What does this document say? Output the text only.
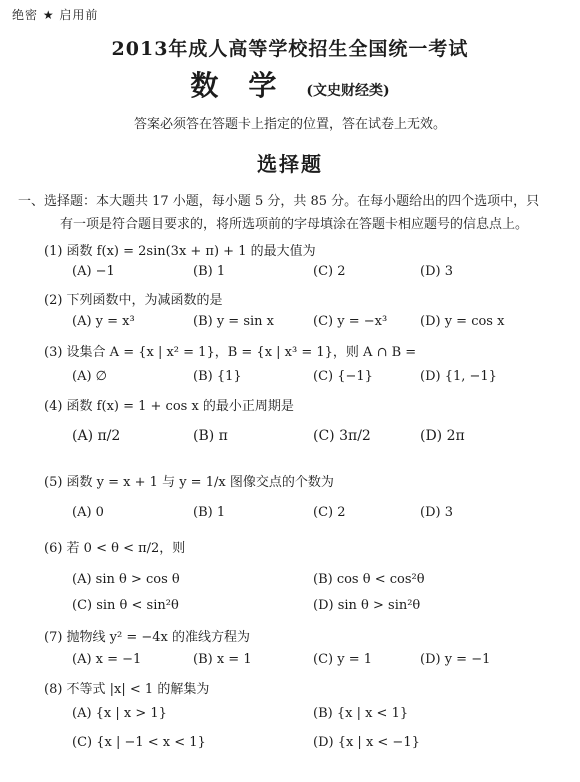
绝密 ★ 启用前
2013年成人高等学校招生全国统一考试
数学(文史财经类)
答案必须答在答题卡上指定的位置，答在试卷上无效。
选择题
一、选择题：本大题共 17 小题，每小题 5 分，共 85 分。在每小题给出的四个选项中，只
有一项是符合题目要求的，将所选项前的字母填涂在答题卡相应题号的信息点上。
(1) 函数 f(x) = 2sin(3x + π) + 1 的最大值为
(A) −1	(B) 1	(C) 2	(D) 3
(2) 下列函数中，为减函数的是
(A) y = x³	(B) y = sin x	(C) y = −x³	(D) y = cos x
(3) 设集合 A = {x | x² = 1}，B = {x | x³ = 1}，则 A ∩ B =
(A) ∅	(B) {1}	(C) {−1}	(D) {1, −1}
(4) 函数 f(x) = 1 + cos x 的最小正周期是
(A) π/2	(B) π	(C) 3π/2	(D) 2π
(5) 函数 y = x + 1 与 y = 1/x 图像交点的个数为
(A) 0	(B) 1	(C) 2	(D) 3
(6) 若 0 < θ < π/2，则
(A) sin θ > cos θ	(B) cos θ < cos²θ
(C) sin θ < sin²θ	(D) sin θ > sin²θ
(7) 抛物线 y² = −4x 的准线方程为
(A) x = −1	(B) x = 1	(C) y = 1	(D) y = −1
(8) 不等式 |x| < 1 的解集为
(A) {x | x > 1}	(B) {x | x < 1}
(C) {x | −1 < x < 1}	(D) {x | x < −1}
